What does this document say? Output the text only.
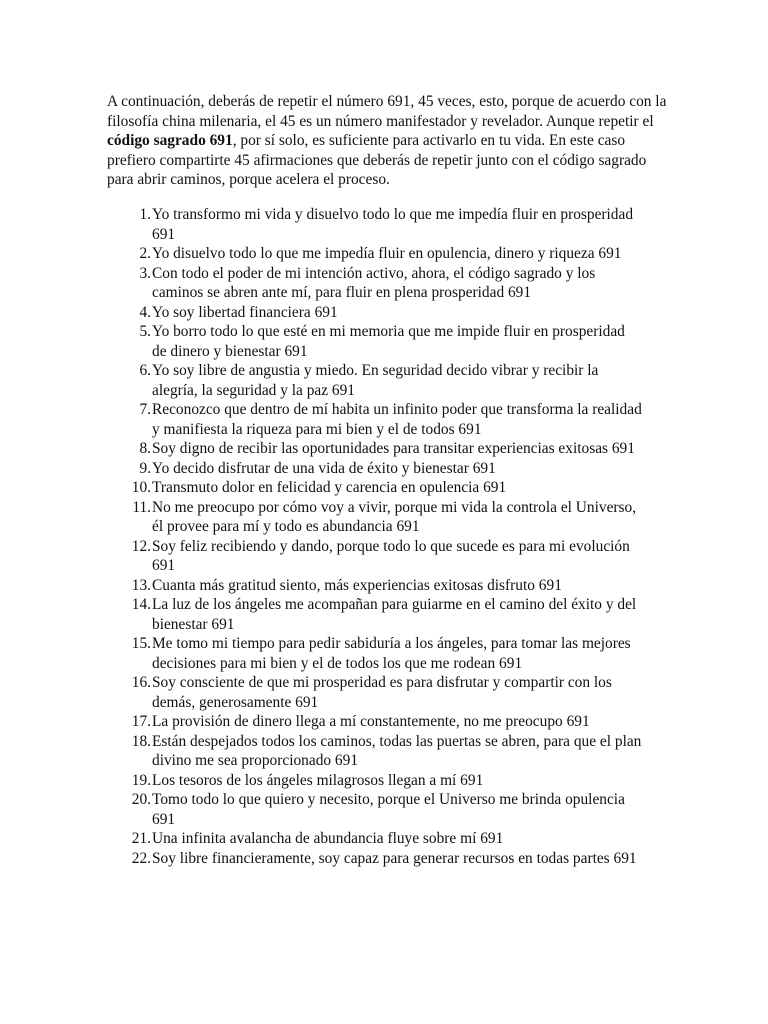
A continuación, deberás de repetir el número 691, 45 veces, esto, porque de acuerdo con la filosofía china milenaria, el 45 es un número manifestador y revelador. Aunque repetir el código sagrado 691, por sí solo, es suficiente para activarlo en tu vida. En este caso prefiero compartirte 45 afirmaciones que deberás de repetir junto con el código sagrado para abrir caminos, porque acelera el proceso.

1. Yo transformo mi vida y disuelvo todo lo que me impedía fluir en prosperidad 691
2. Yo disuelvo todo lo que me impedía fluir en opulencia, dinero y riqueza 691
3. Con todo el poder de mi intención activo, ahora, el código sagrado y los caminos se abren ante mí, para fluir en plena prosperidad 691
4. Yo soy libertad financiera 691
5. Yo borro todo lo que esté en mi memoria que me impide fluir en prosperidad de dinero y bienestar 691
6. Yo soy libre de angustia y miedo. En seguridad decido vibrar y recibir la alegría, la seguridad y la paz 691
7. Reconozco que dentro de mí habita un infinito poder que transforma la realidad y manifiesta la riqueza para mi bien y el de todos 691
8. Soy digno de recibir las oportunidades para transitar experiencias exitosas 691
9. Yo decido disfrutar de una vida de éxito y bienestar 691
10. Transmuto dolor en felicidad y carencia en opulencia 691
11. No me preocupo por cómo voy a vivir, porque mi vida la controla el Universo, él provee para mí y todo es abundancia 691
12. Soy feliz recibiendo y dando, porque todo lo que sucede es para mi evolución 691
13. Cuanta más gratitud siento, más experiencias exitosas disfruto 691
14. La luz de los ángeles me acompañan para guiarme en el camino del éxito y del bienestar 691
15. Me tomo mi tiempo para pedir sabiduría a los ángeles, para tomar las mejores decisiones para mi bien y el de todos los que me rodean 691
16. Soy consciente de que mi prosperidad es para disfrutar y compartir con los demás, generosamente 691
17. La provisión de dinero llega a mí constantemente, no me preocupo 691
18. Están despejados todos los caminos, todas las puertas se abren, para que el plan divino me sea proporcionado 691
19. Los tesoros de los ángeles milagrosos llegan a mí 691
20. Tomo todo lo que quiero y necesito, porque el Universo me brinda opulencia 691
21. Una infinita avalancha de abundancia fluye sobre mí 691
22. Soy libre financieramente, soy capaz para generar recursos en todas partes 691
